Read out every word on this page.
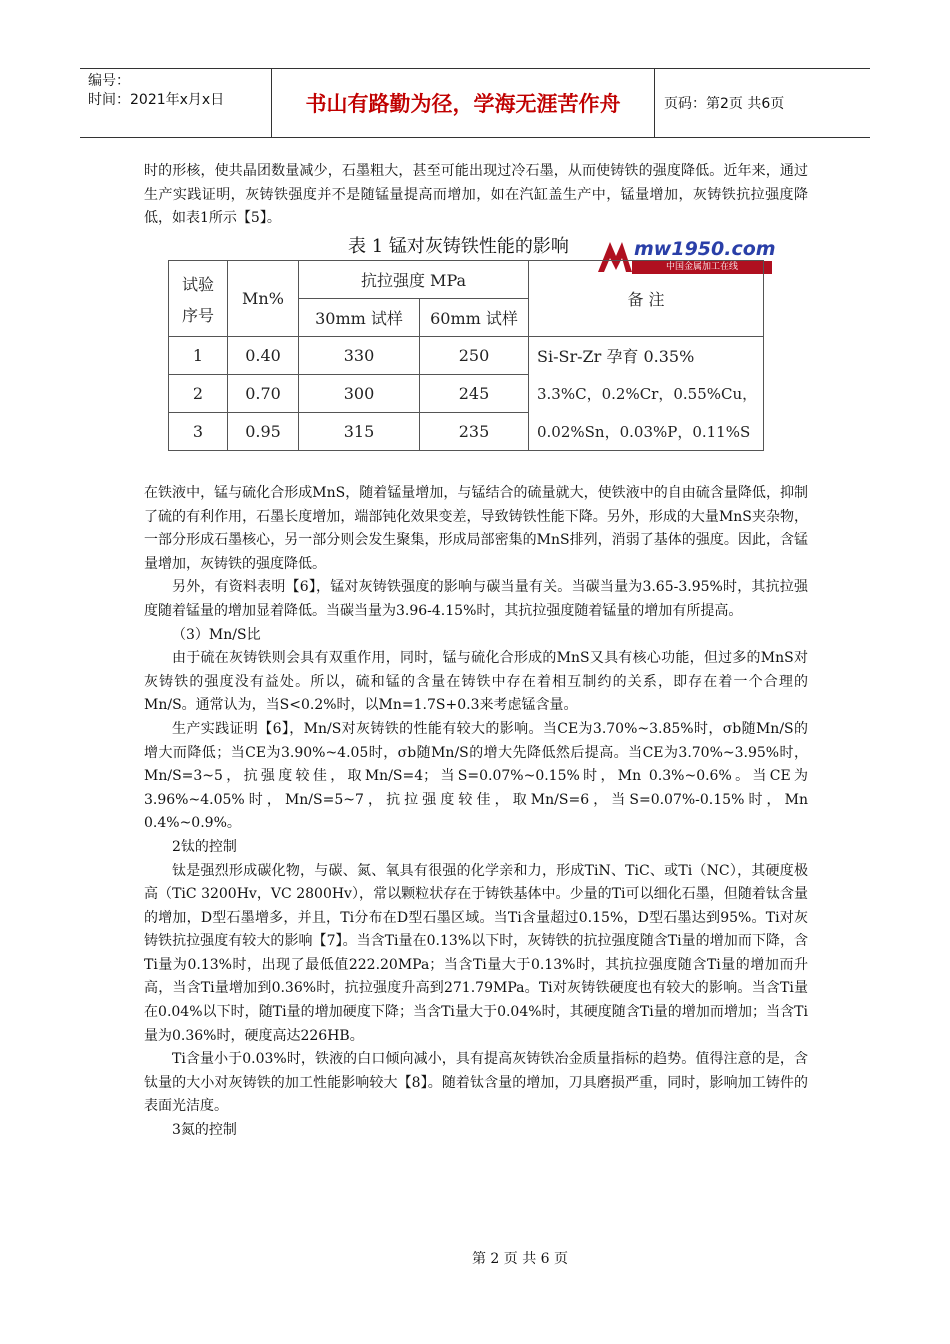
编号：
时间：2021年x月x日	书山有路勤为径，学海无涯苦作舟	页码：第2页 共6页

时的形核，使共晶团数量减少，石墨粗大，甚至可能出现过冷石墨，从而使铸铁的强度降低。近年来，通过生产实践证明，灰铸铁强度并不是随锰量提高而增加，如在汽缸盖生产中，锰量增加，灰铸铁抗拉强度降低，如表1所示【5】。

表 1 锰对灰铸铁性能的影响	mw1950.com
中国金属加工在线
试验
序号	Mn%	抗拉强度 MPa		备 注
		30mm 试样	60mm 试样	
1	0.40	330	250	Si-Sr-Zr 孕育 0.35%
2	0.70	300	245	3.3%C，0.2%Cr，0.55%Cu，
3	0.95	315	235	0.02%Sn，0.03%P，0.11%S

在铁液中，锰与硫化合形成MnS，随着锰量增加，与锰结合的硫量就大，使铁液中的自由硫含量降低，抑制了硫的有利作用，石墨长度增加，端部钝化效果变差，导致铸铁性能下降。另外，形成的大量MnS夹杂物，一部分形成石墨核心，另一部分则会发生聚集，形成局部密集的MnS排列，消弱了基体的强度。因此，含锰量增加，灰铸铁的强度降低。

另外，有资料表明【6】，锰对灰铸铁强度的影响与碳当量有关。当碳当量为3.65-3.95%时，其抗拉强度随着锰量的增加显着降低。当碳当量为3.96-4.15%时，其抗拉强度随着锰量的增加有所提高。

（3）Mn/S比

由于硫在灰铸铁则会具有双重作用，同时，锰与硫化合形成的MnS又具有核心功能，但过多的MnS对灰铸铁的强度没有益处。所以，硫和锰的含量在铸铁中存在着相互制约的关系，即存在着一个合理的Mn/S。通常认为，当S<0.2%时，以Mn=1.7S+0.3来考虑锰含量。

生产实践证明【6】，Mn/S对灰铸铁的性能有较大的影响。当CE为3.70%~3.85%时，σb随Mn/S的增大而降低；当CE为3.90%~4.05时，σb随Mn/S的增大先降低然后提高。当CE为3.70%~3.95%时，Mn/S=3~5，抗强度较佳，取Mn/S=4；当S=0.07%~0.15%时，Mn 0.3%~0.6%。当CE为3.96%~4.05%时，Mn/S=5~7，抗拉强度较佳，取Mn/S=6，当S=0.07%-0.15%时，Mn 0.4%~0.9%。

2钛的控制

钛是强烈形成碳化物，与碳、氮、氧具有很强的化学亲和力，形成TiN、TiC、或Ti（NC），其硬度极高（TiC 3200Hv，VC 2800Hv），常以颗粒状存在于铸铁基体中。少量的Ti可以细化石墨，但随着钛含量的增加，D型石墨增多，并且，Ti分布在D型石墨区域。当Ti含量超过0.15%，D型石墨达到95%。Ti对灰铸铁抗拉强度有较大的影响【7】。当含Ti量在0.13%以下时，灰铸铁的抗拉强度随含Ti量的增加而下降，含Ti量为0.13%时，出现了最低值222.20MPa；当含Ti量大于0.13%时，其抗拉强度随含Ti量的增加而升高，当含Ti量增加到0.36%时，抗拉强度升高到271.79MPa。Ti对灰铸铁硬度也有较大的影响。当含Ti量在0.04%以下时，随Ti量的增加硬度下降；当含Ti量大于0.04%时，其硬度随含Ti量的增加而增加；当含Ti量为0.36%时，硬度高达226HB。

Ti含量小于0.03%时，铁液的白口倾向减小，具有提高灰铸铁冶金质量指标的趋势。值得注意的是，含钛量的大小对灰铸铁的加工性能影响较大【8】。随着钛含量的增加，刀具磨损严重，同时，影响加工铸件的表面光洁度。

3氮的控制

第 2 页 共 6 页
